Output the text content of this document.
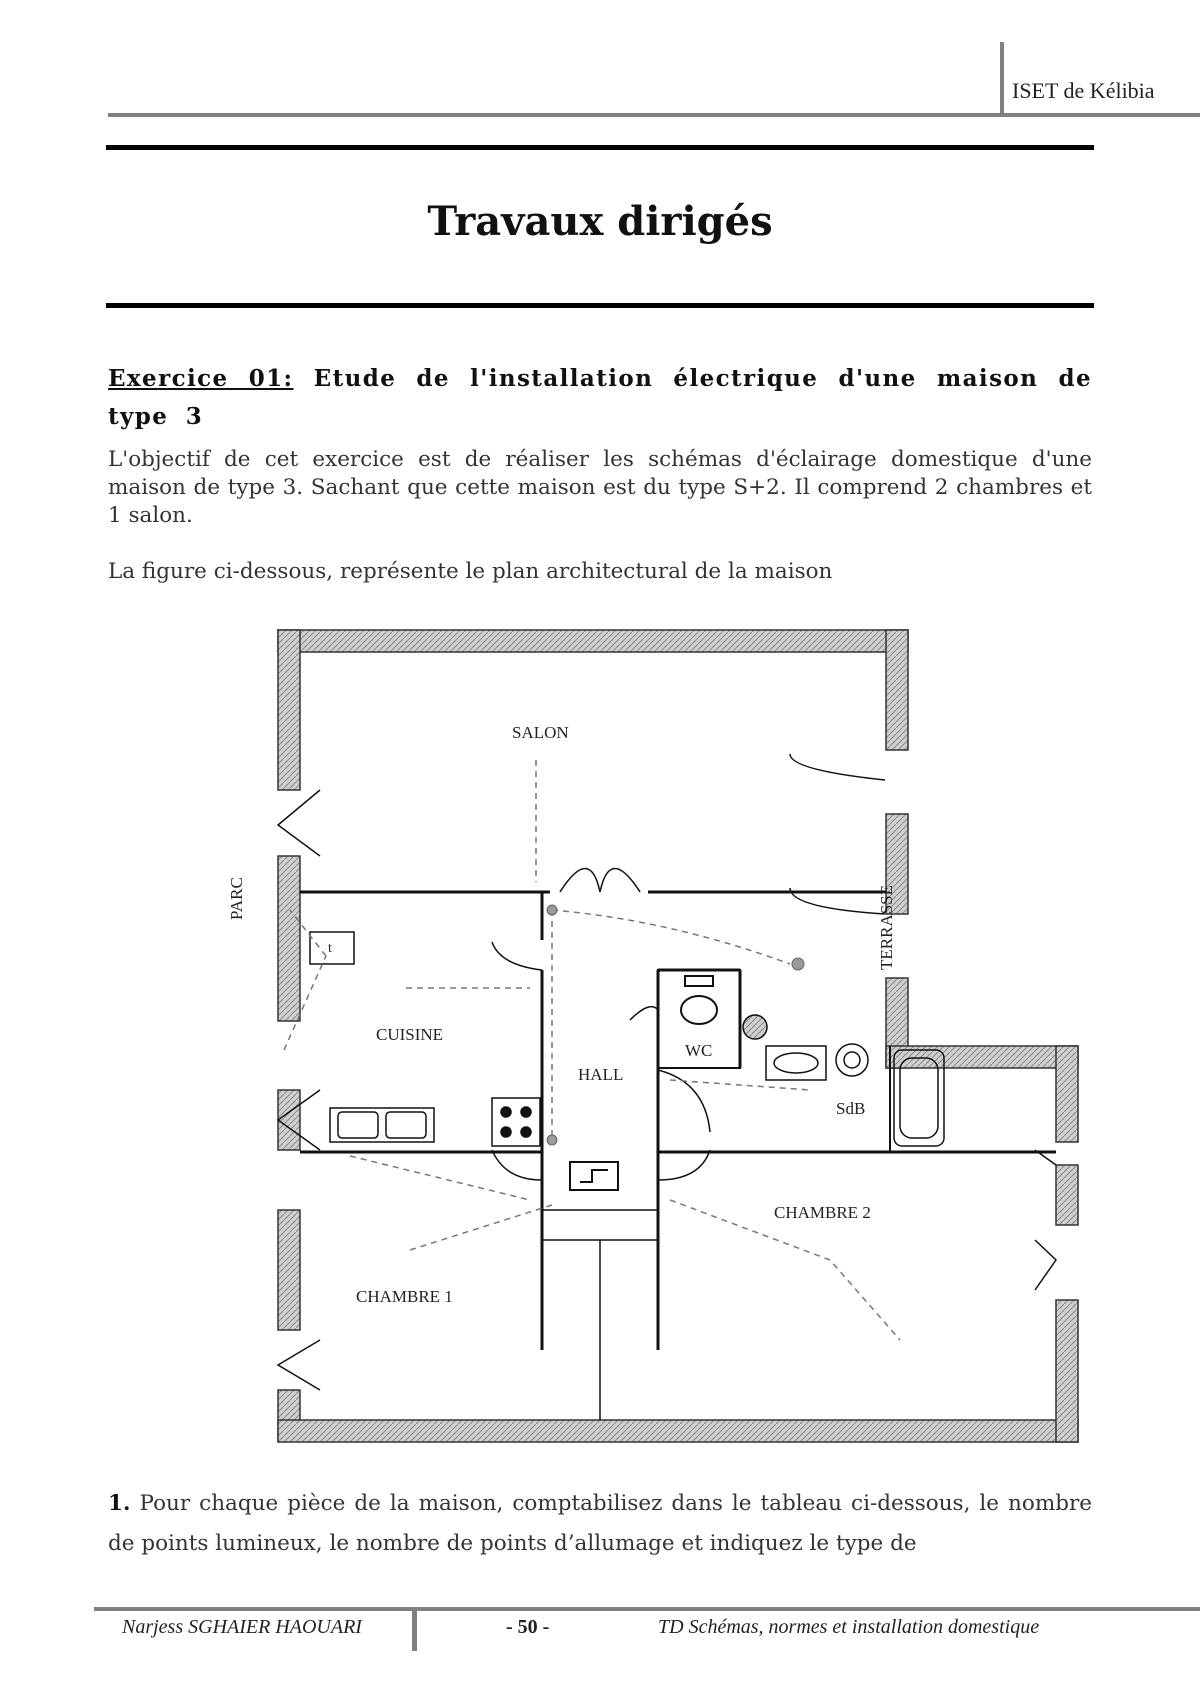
ISET de Kélibia
Travaux dirigés
Exercice 01: Etude de l'installation électrique d'une maison de type 3
L'objectif de cet exercice est de réaliser les schémas d'éclairage domestique d'une maison de type 3. Sachant que cette maison est du type S+2. Il comprend 2 chambres et 1 salon.
La figure ci-dessous, représente le plan architectural de la maison
SALON
CUISINE
HALL
WC
SdB
CHAMBRE 1
CHAMBRE 2
t
PARC	TERRASSE
1. Pour chaque pièce de la maison, comptabilisez dans le tableau ci-dessous, le nombre de points lumineux, le nombre de points d’allumage et indiquez le type de
Narjess SGHAIER HAOUARI	- 50 -	TD Schémas, normes et installation domestique
